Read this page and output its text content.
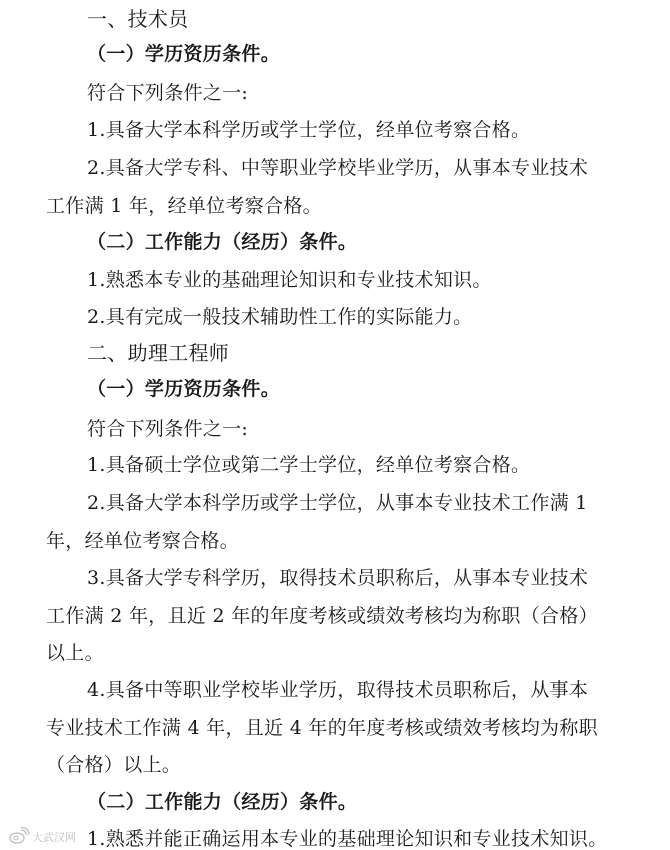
一、技术员
（一）学历资历条件。
符合下列条件之一:
1.具备大学本科学历或学士学位，经单位考察合格。
2.具备大学专科、中等职业学校毕业学历，从事本专业技术
工作满 1 年，经单位考察合格。
（二）工作能力（经历）条件。
1.熟悉本专业的基础理论知识和专业技术知识。
2.具有完成一般技术辅助性工作的实际能力。
二、助理工程师
（一）学历资历条件。
符合下列条件之一:
1.具备硕士学位或第二学士学位，经单位考察合格。
2.具备大学本科学历或学士学位，从事本专业技术工作满 1
年，经单位考察合格。
3.具备大学专科学历，取得技术员职称后，从事本专业技术
工作满 2 年，且近 2 年的年度考核或绩效考核均为称职（合格）
以上。
4.具备中等职业学校毕业学历，取得技术员职称后，从事本
专业技术工作满 4 年，且近 4 年的年度考核或绩效考核均为称职
（合格）以上。
（二）工作能力（经历）条件。
1.熟悉并能正确运用本专业的基础理论知识和专业技术知识。
大武汉网
